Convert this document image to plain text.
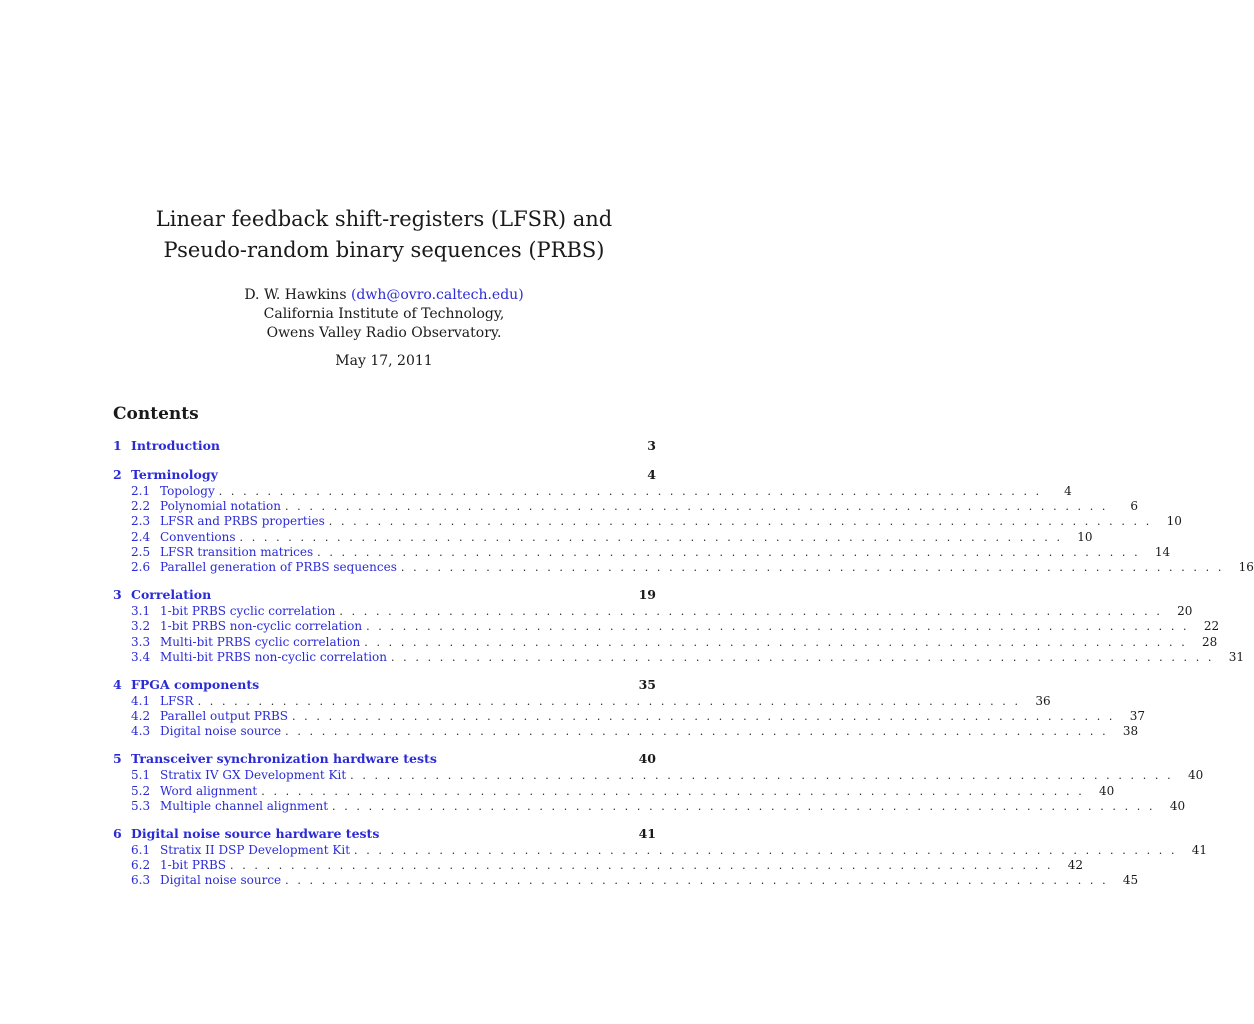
Linear feedback shift-registers (LFSR) and
Pseudo-random binary sequences (PRBS)
D. W. Hawkins (dwh@ovro.caltech.edu)
California Institute of Technology,
Owens Valley Radio Observatory.
May 17, 2011
Contents
1 Introduction	3
2 Terminology	4
2.1 Topology . . . . . . . . . . . . . . . . . . . . . . . . . . . . . . . . . . . . . . . . . . . . . . . . . . . . . . . . . . . . . . . . . . . .	4
2.2 Polynomial notation . . . . . . . . . . . . . . . . . . . . . . . . . . . . . . . . . . . . . . . . . . . . . . . . . . . . . . . . . . . . . . . . . . . .	6
2.3 LFSR and PRBS properties . . . . . . . . . . . . . . . . . . . . . . . . . . . . . . . . . . . . . . . . . . . . . . . . . . . . . . . . . . . . . . . . . . . .	10
2.4 Conventions . . . . . . . . . . . . . . . . . . . . . . . . . . . . . . . . . . . . . . . . . . . . . . . . . . . . . . . . . . . . . . . . . . . .	10
2.5 LFSR transition matrices . . . . . . . . . . . . . . . . . . . . . . . . . . . . . . . . . . . . . . . . . . . . . . . . . . . . . . . . . . . . . . . . . . . .	14
2.6 Parallel generation of PRBS sequences . . . . . . . . . . . . . . . . . . . . . . . . . . . . . . . . . . . . . . . . . . . . . . . . . . . . . . . . . . . . . . . . . . . .	16
3 Correlation	19
3.1 1-bit PRBS cyclic correlation . . . . . . . . . . . . . . . . . . . . . . . . . . . . . . . . . . . . . . . . . . . . . . . . . . . . . . . . . . . . . . . . . . . .	20
3.2 1-bit PRBS non-cyclic correlation . . . . . . . . . . . . . . . . . . . . . . . . . . . . . . . . . . . . . . . . . . . . . . . . . . . . . . . . . . . . . . . . . . . .	22
3.3 Multi-bit PRBS cyclic correlation . . . . . . . . . . . . . . . . . . . . . . . . . . . . . . . . . . . . . . . . . . . . . . . . . . . . . . . . . . . . . . . . . . . .	28
3.4 Multi-bit PRBS non-cyclic correlation . . . . . . . . . . . . . . . . . . . . . . . . . . . . . . . . . . . . . . . . . . . . . . . . . . . . . . . . . . . . . . . . . . . .	31
4 FPGA components	35
4.1 LFSR . . . . . . . . . . . . . . . . . . . . . . . . . . . . . . . . . . . . . . . . . . . . . . . . . . . . . . . . . . . . . . . . . . . .	36
4.2 Parallel output PRBS . . . . . . . . . . . . . . . . . . . . . . . . . . . . . . . . . . . . . . . . . . . . . . . . . . . . . . . . . . . . . . . . . . . .	37
4.3 Digital noise source . . . . . . . . . . . . . . . . . . . . . . . . . . . . . . . . . . . . . . . . . . . . . . . . . . . . . . . . . . . . . . . . . . . .	38
5 Transceiver synchronization hardware tests	40
5.1 Stratix IV GX Development Kit . . . . . . . . . . . . . . . . . . . . . . . . . . . . . . . . . . . . . . . . . . . . . . . . . . . . . . . . . . . . . . . . . . . .	40
5.2 Word alignment . . . . . . . . . . . . . . . . . . . . . . . . . . . . . . . . . . . . . . . . . . . . . . . . . . . . . . . . . . . . . . . . . . . .	40
5.3 Multiple channel alignment . . . . . . . . . . . . . . . . . . . . . . . . . . . . . . . . . . . . . . . . . . . . . . . . . . . . . . . . . . . . . . . . . . . .	40
6 Digital noise source hardware tests	41
6.1 Stratix II DSP Development Kit . . . . . . . . . . . . . . . . . . . . . . . . . . . . . . . . . . . . . . . . . . . . . . . . . . . . . . . . . . . . . . . . . . . .	41
6.2 1-bit PRBS . . . . . . . . . . . . . . . . . . . . . . . . . . . . . . . . . . . . . . . . . . . . . . . . . . . . . . . . . . . . . . . . . . . .	42
6.3 Digital noise source . . . . . . . . . . . . . . . . . . . . . . . . . . . . . . . . . . . . . . . . . . . . . . . . . . . . . . . . . . . . . . . . . . . .	45
